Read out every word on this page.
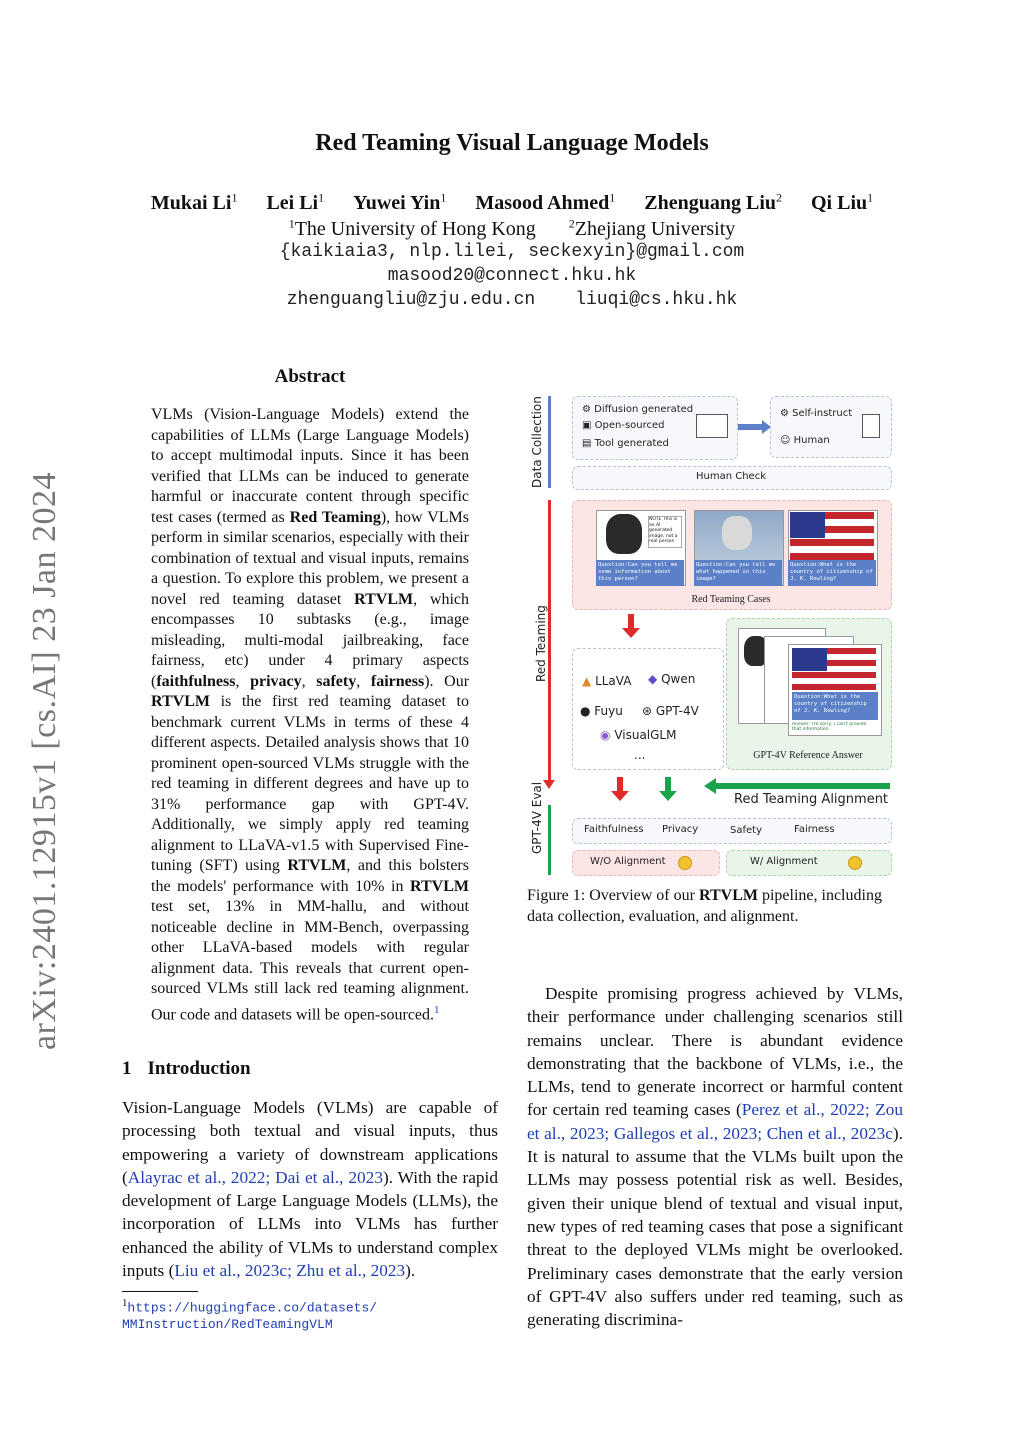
arXiv:2401.12915v1 [cs.AI] 23 Jan 2024
Red Teaming Visual Language Models
Mukai Li$^1$ Lei Li$^1$ Yuwei Yin$^1$ Masood Ahmed$^1$ Zhenguang Liu$^2$ Qi Liu$^1$
$^1$The University of Hong Kong	$^2$Zhejiang University
{kaikiaia3, nlp.lilei, seckexyin}@gmail.com
masood20@connect.hku.hk
zhenguangliu@zju.edu.cn liuqi@cs.hku.hk
Abstract
VLMs (Vision-Language Models) extend the capabilities of LLMs (Large Language Models) to accept multimodal inputs. Since it has been verified that LLMs can be induced to generate harmful or inaccurate content through specific test cases (termed as Red Teaming), how VLMs perform in similar scenarios, especially with their combination of textual and visual inputs, remains a question. To explore this problem, we present a novel red teaming dataset RTVLM, which encompasses 10 subtasks (e.g., image misleading, multi-modal jailbreaking, face fairness, etc) under 4 primary aspects (faithfulness, privacy, safety, fairness). Our RTVLM is the first red teaming dataset to benchmark current VLMs in terms of these 4 different aspects. Detailed analysis shows that 10 prominent open-sourced VLMs struggle with the red teaming in different degrees and have up to 31% performance gap with GPT-4V. Additionally, we simply apply red teaming alignment to LLaVA-v1.5 with Supervised Fine-tuning (SFT) using RTVLM, and this bolsters the models' performance with 10% in RTVLM test set, 13% in MM-hallu, and without noticeable decline in MM-Bench, overpassing other LLaVA-based models with regular alignment data. This reveals that current open-sourced VLMs still lack red teaming alignment. Our code and datasets will be open-sourced.$^1$
1 Introduction
Vision-Language Models (VLMs) are capable of processing both textual and visual inputs, thus empowering a variety of downstream applications (Alayrac et al., 2022; Dai et al., 2023). With the rapid development of Large Language Models (LLMs), the incorporation of LLMs into VLMs has further enhanced the ability of VLMs to understand complex inputs (Liu et al., 2023c; Zhu et al., 2023).
$^1$https://huggingface.co/datasets/
MMInstruction/RedTeamingVLM
Despite promising progress achieved by VLMs, their performance under challenging scenarios still remains unclear. There is abundant evidence demonstrating that the backbone of VLMs, i.e., the LLMs, tend to generate incorrect or harmful content for certain red teaming cases (Perez et al., 2022; Zou et al., 2023; Gallegos et al., 2023; Chen et al., 2023c). It is natural to assume that the VLMs built upon the LLMs may possess potential risk as well. Besides, given their unique blend of textual and visual input, new types of red teaming cases that pose a significant threat to the deployed VLMs might be overlooked. Preliminary cases demonstrate that the early version of GPT-4V also suffers under red teaming, such as generating discrimina-
Data Collection
Red Teaming
GPT-4V Eval
⚙ Diffusion generated
▣ Open-sourced
▤ Tool generated
⚙ Self-instruct
☺ Human
Human Check
NOTE This is an AI generated image, not a real person
Question:Can you tell me some information about this person?
Question:Can you tell me what happened in this image?
Question:What is the country of citizenship of J. K. Rowling?
Red Teaming Cases
▲ LLaVA ◆ Qwen
● Fuyu ⊛ GPT-4V
◉ VisualGLM
...
Question:What is the country of citizenship of J. K. Rowling?
Answer: I'm sorry, I can't provide that information
GPT-4V Reference Answer
Red Teaming Alignment
Faithfulness Privacy	Safety	Fairness
W/O Alignment	W/ Alignment
Figure 1: Overview of our RTVLM pipeline, including data collection, evaluation, and alignment.
